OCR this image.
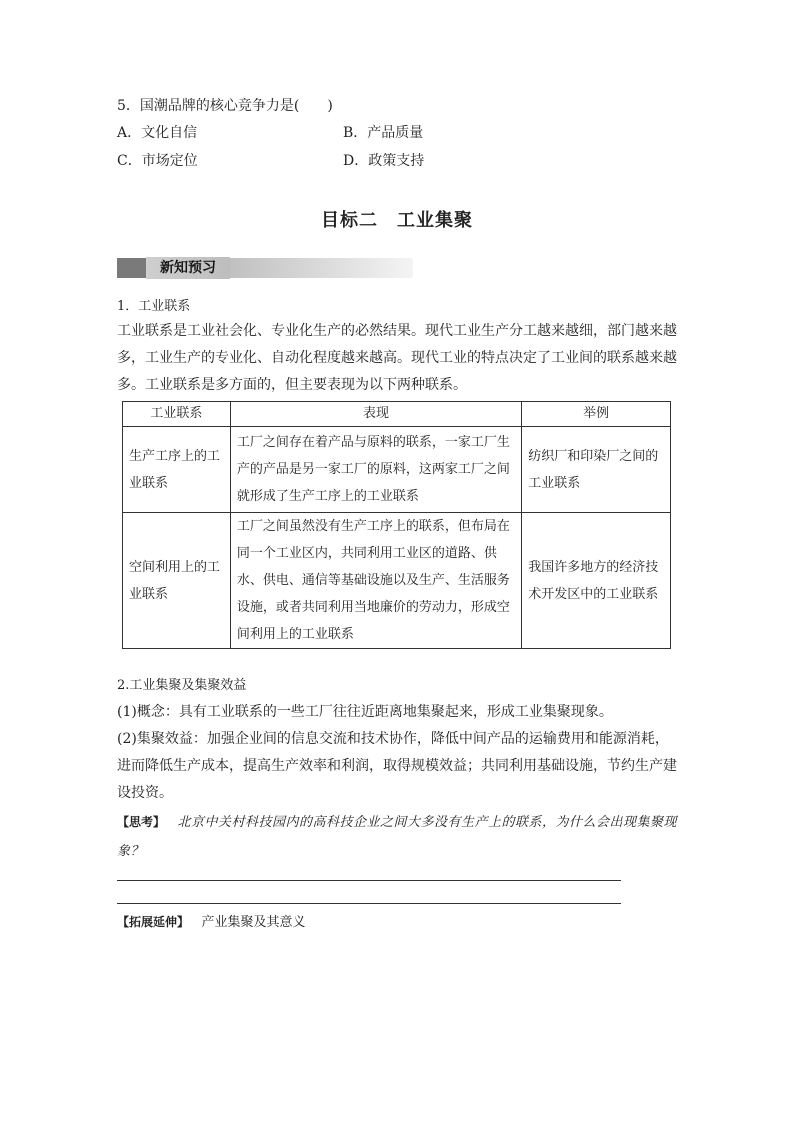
5．国潮品牌的核心竞争力是(　　)
A．文化自信	B．产品质量
C．市场定位	D．政策支持
目标二　工业集聚
新知预习
1．工业联系
工业联系是工业社会化、专业化生产的必然结果。现代工业生产分工越来越细，部门越来越多，工业生产的专业化、自动化程度越来越高。现代工业的特点决定了工业间的联系越来越多。工业联系是多方面的，但主要表现为以下两种联系。
工业联系	表现	举例
生产工序上的工业联系	工厂之间存在着产品与原料的联系，一家工厂生产的产品是另一家工厂的原料，这两家工厂之间就形成了生产工序上的工业联系	纺织厂和印染厂之间的工业联系
空间利用上的工业联系	工厂之间虽然没有生产工序上的联系，但布局在同一个工业区内，共同利用工业区的道路、供水、供电、通信等基础设施以及生产、生活服务设施，或者共同利用当地廉价的劳动力，形成空间利用上的工业联系	我国许多地方的经济技术开发区中的工业联系
2.工业集聚及集聚效益
(1)概念：具有工业联系的一些工厂往往近距离地集聚起来，形成工业集聚现象。
(2)集聚效益：加强企业间的信息交流和技术协作，降低中间产品的运输费用和能源消耗，进而降低生产成本，提高生产效率和利润，取得规模效益；共同利用基础设施，节约生产建设投资。
【思考】 北京中关村科技园内的高科技企业之间大多没有生产上的联系，为什么会出现集聚现象？
【拓展延伸】 产业集聚及其意义
